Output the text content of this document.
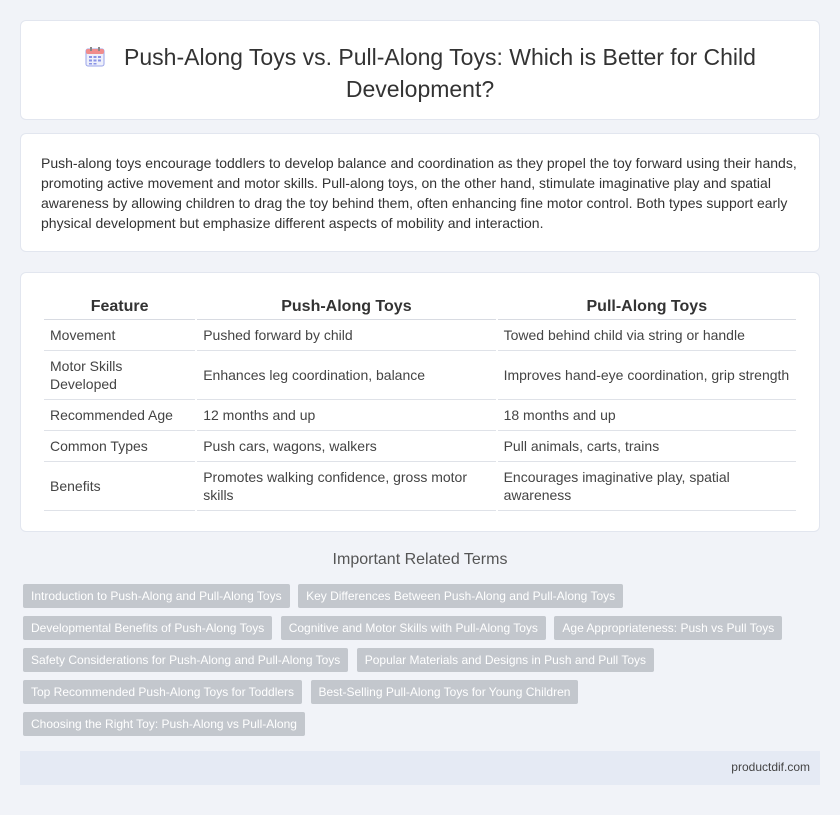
Push-Along Toys vs. Pull-Along Toys: Which is Better for Child Development?
Push-along toys encourage toddlers to develop balance and coordination as they propel the toy forward using their hands, promoting active movement and motor skills. Pull-along toys, on the other hand, stimulate imaginative play and spatial awareness by allowing children to drag the toy behind them, often enhancing fine motor control. Both types support early physical development but emphasize different aspects of mobility and interaction.
Feature	Push-Along Toys	Pull-Along Toys
Movement	Pushed forward by child	Towed behind child via string or handle
Motor Skills Developed	Enhances leg coordination, balance	Improves hand-eye coordination, grip strength
Recommended Age	12 months and up	18 months and up
Common Types	Push cars, wagons, walkers	Pull animals, carts, trains
Benefits	Promotes walking confidence, gross motor skills	Encourages imaginative play, spatial awareness
Important Related Terms
Introduction to Push-Along and Pull-Along Toys Key Differences Between Push-Along and Pull-Along Toys
Developmental Benefits of Push-Along Toys Cognitive and Motor Skills with Pull-Along Toys Age Appropriateness: Push vs Pull Toys
Safety Considerations for Push-Along and Pull-Along Toys Popular Materials and Designs in Push and Pull Toys
Top Recommended Push-Along Toys for Toddlers Best-Selling Pull-Along Toys for Young Children
Choosing the Right Toy: Push-Along vs Pull-Along
productdif.com
